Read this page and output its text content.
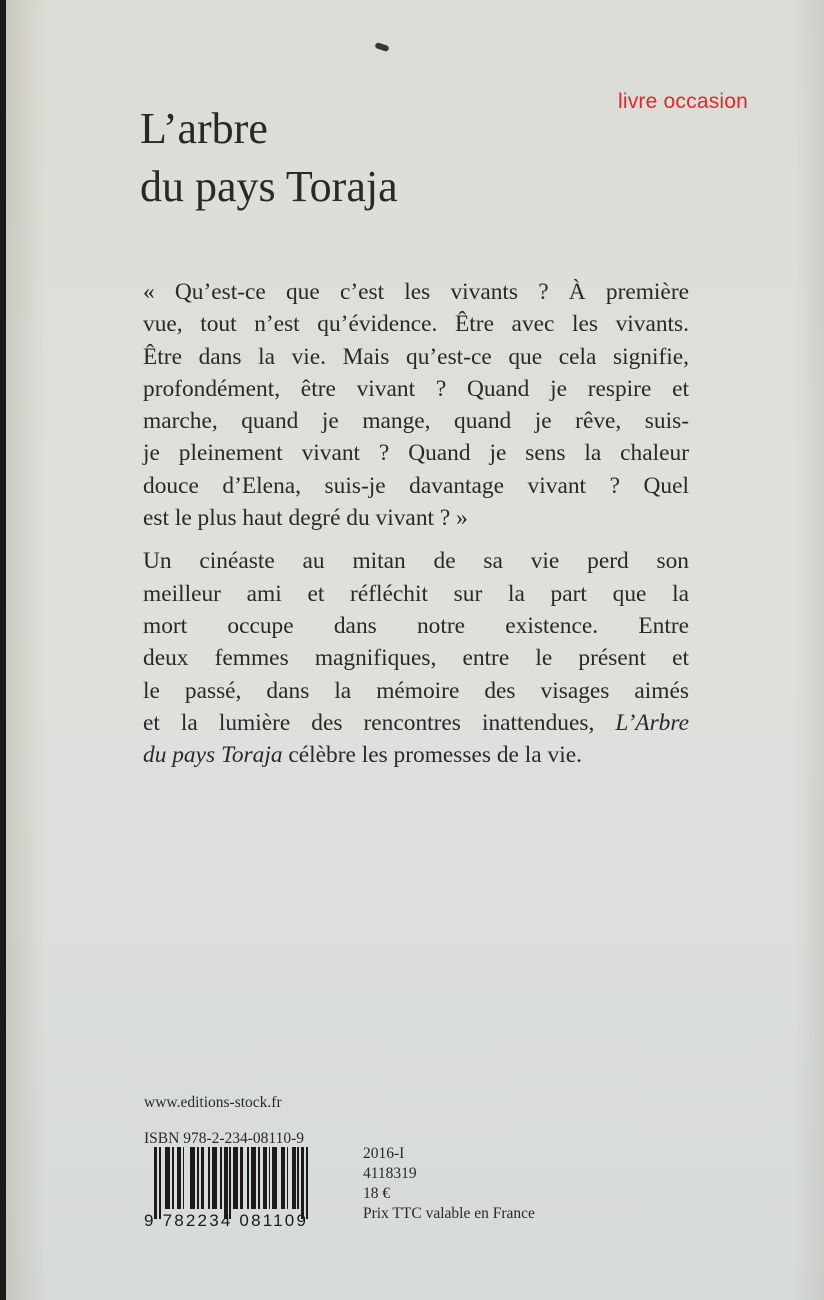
livre occasion
L’arbre
du pays Toraja

« Qu’est-ce que c’est les vivants ? À première
vue, tout n’est qu’évidence. Être avec les vivants.
Être dans la vie. Mais qu’est-ce que cela signifie,
profondément, être vivant ? Quand je respire et
marche, quand je mange, quand je rêve, suis-
je pleinement vivant ? Quand je sens la chaleur
douce d’Elena, suis-je davantage vivant ? Quel
est le plus haut degré du vivant ? »

Un cinéaste au mitan de sa vie perd son
meilleur ami et réfléchit sur la part que la
mort occupe dans notre existence. Entre
deux femmes magnifiques, entre le présent et
le passé, dans la mémoire des visages aimés
et la lumière des rencontres inattendues, L’Arbre
du pays Toraja célèbre les promesses de la vie.

www.editions-stock.fr
ISBN 978-2-234-08110-9
9 782234 081109
2016-I
4118319
18 €
Prix TTC valable en France
